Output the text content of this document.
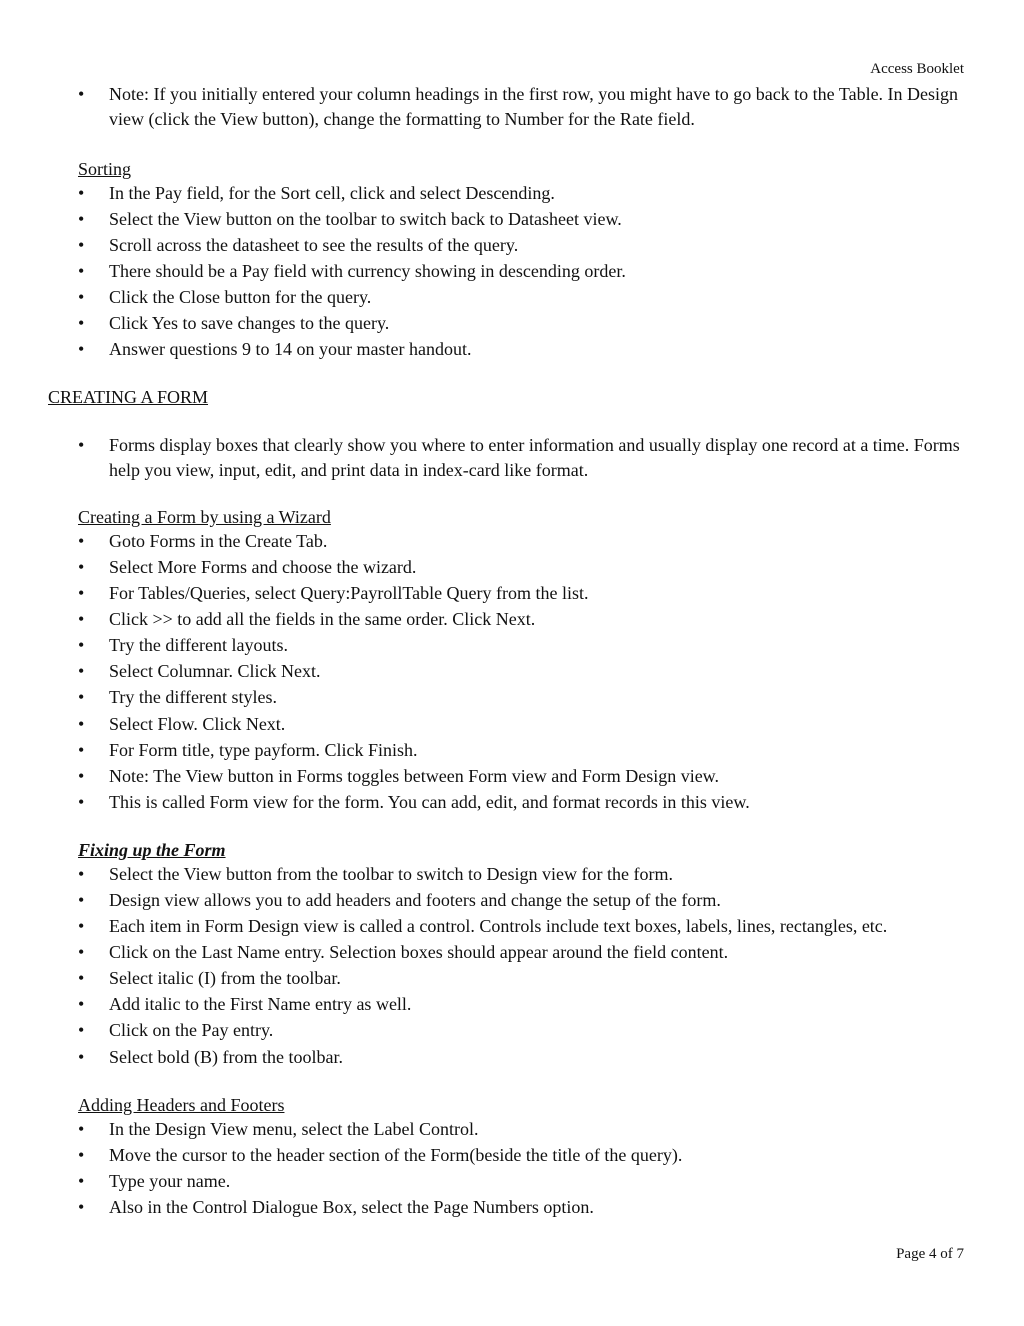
Access Booklet
• Note: If you initially entered your column headings in the first row, you might have to go back to the Table. In Design view (click the View button), change the formatting to Number for the Rate field.

Sorting

• In the Pay field, for the Sort cell, click and select Descending.
• Select the View button on the toolbar to switch back to Datasheet view.
• Scroll across the datasheet to see the results of the query.
• There should be a Pay field with currency showing in descending order.
• Click the Close button for the query.
• Click Yes to save changes to the query.
• Answer questions 9 to 14 on your master handout.

CREATING A FORM

• Forms display boxes that clearly show you where to enter information and usually display one record at a time. Forms help you view, input, edit, and print data in index-card like format.

Creating a Form by using a Wizard

• Goto Forms in the Create Tab.
• Select More Forms and choose the wizard.
• For Tables/Queries, select Query:PayrollTable Query from the list.
• Click >> to add all the fields in the same order. Click Next.
• Try the different layouts.
• Select Columnar. Click Next.
• Try the different styles.
• Select Flow. Click Next.
• For Form title, type payform. Click Finish.
• Note: The View button in Forms toggles between Form view and Form Design view.
• This is called Form view for the form. You can add, edit, and format records in this view.

Fixing up the Form

• Select the View button from the toolbar to switch to Design view for the form.
• Design view allows you to add headers and footers and change the setup of the form.
• Each item in Form Design view is called a control. Controls include text boxes, labels, lines, rectangles, etc.
• Click on the Last Name entry. Selection boxes should appear around the field content.
• Select italic (I) from the toolbar.
• Add italic to the First Name entry as well.
• Click on the Pay entry.
• Select bold (B) from the toolbar.

Adding Headers and Footers

• In the Design View menu, select the Label Control.
• Move the cursor to the header section of the Form(beside the title of the query).
• Type your name.
• Also in the Control Dialogue Box, select the Page Numbers option.
Page 4 of 7
